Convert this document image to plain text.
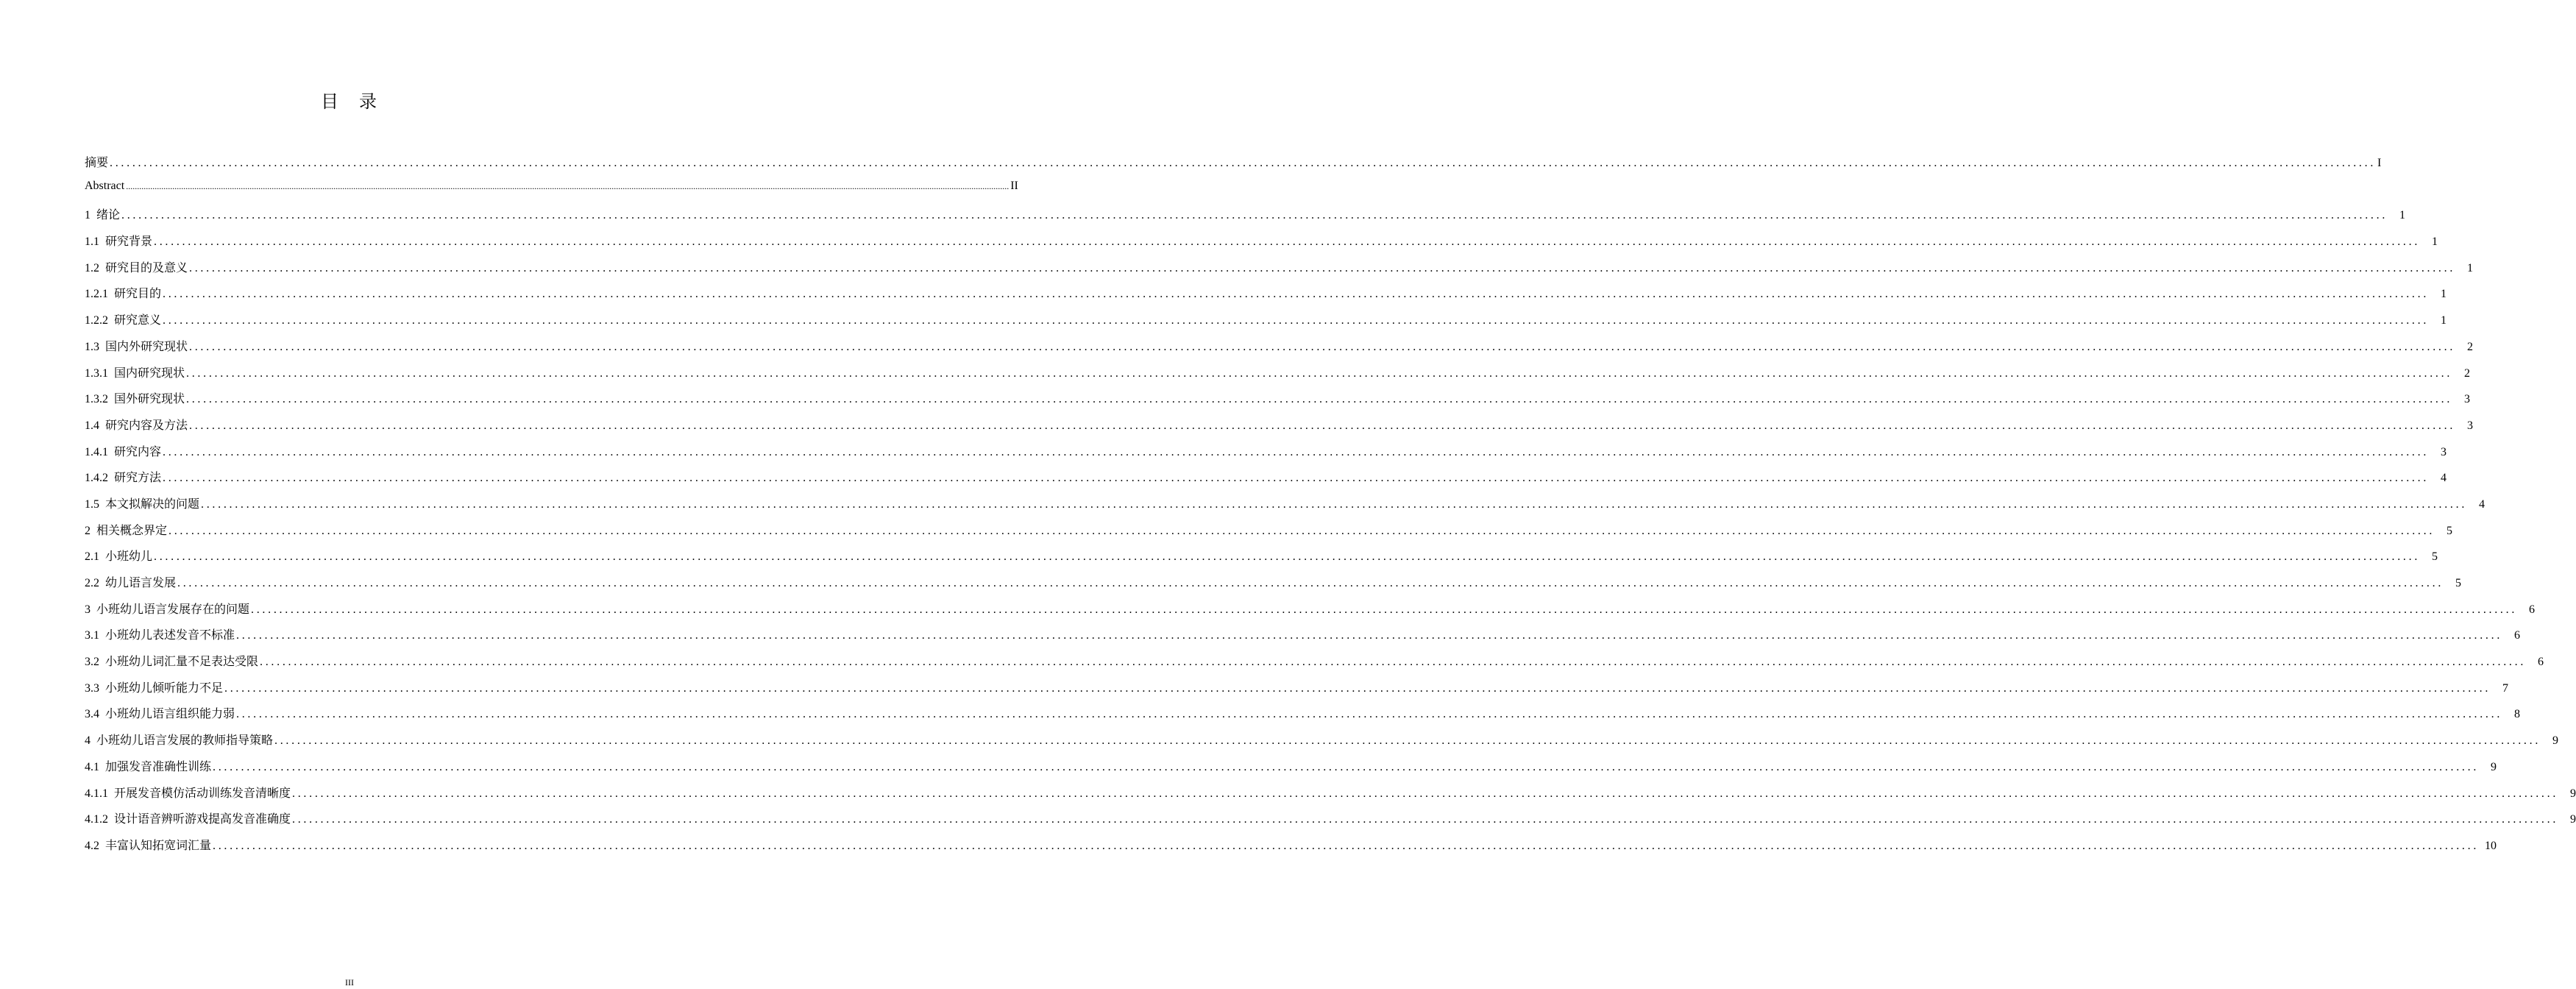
目 录
摘要 ................................................................................................................................................................................................................................................................................................................................................................................................................ I
Abstract ................................................................................................................................................................................................................................................................................................................................................................................................................ II
1 绪论 ................................................................................................................................................................................................................................................................................................................................................................................................................	1
1.1 研究背景 ................................................................................................................................................................................................................................................................................................................................................................................................................	1
1.2 研究目的及意义 ................................................................................................................................................................................................................................................................................................................................................................................................................	1
1.2.1 研究目的 ................................................................................................................................................................................................................................................................................................................................................................................................................	1
1.2.2 研究意义 ................................................................................................................................................................................................................................................................................................................................................................................................................	1
1.3 国内外研究现状 ................................................................................................................................................................................................................................................................................................................................................................................................................	2
1.3.1 国内研究现状 ................................................................................................................................................................................................................................................................................................................................................................................................................	2
1.3.2 国外研究现状 ................................................................................................................................................................................................................................................................................................................................................................................................................	3
1.4 研究内容及方法 ................................................................................................................................................................................................................................................................................................................................................................................................................	3
1.4.1 研究内容 ................................................................................................................................................................................................................................................................................................................................................................................................................	3
1.4.2 研究方法 ................................................................................................................................................................................................................................................................................................................................................................................................................	4
1.5 本文拟解决的问题 ................................................................................................................................................................................................................................................................................................................................................................................................................	4
2 相关概念界定 ................................................................................................................................................................................................................................................................................................................................................................................................................	5
2.1 小班幼儿 ................................................................................................................................................................................................................................................................................................................................................................................................................	5
2.2 幼儿语言发展 ................................................................................................................................................................................................................................................................................................................................................................................................................	5
3 小班幼儿语言发展存在的问题 ................................................................................................................................................................................................................................................................................................................................................................................................................	6
3.1 小班幼儿表述发音不标准 ................................................................................................................................................................................................................................................................................................................................................................................................................	6
3.2 小班幼儿词汇量不足表达受限 ................................................................................................................................................................................................................................................................................................................................................................................................................	6
3.3 小班幼儿倾听能力不足 ................................................................................................................................................................................................................................................................................................................................................................................................................	7
3.4 小班幼儿语言组织能力弱 ................................................................................................................................................................................................................................................................................................................................................................................................................	8
4 小班幼儿语言发展的教师指导策略 ................................................................................................................................................................................................................................................................................................................................................................................................................	9
4.1 加强发音准确性训练 ................................................................................................................................................................................................................................................................................................................................................................................................................	9
4.1.1 开展发音模仿活动训练发音清晰度 ................................................................................................................................................................................................................................................................................................................................................................................................................	9
4.1.2 设计语音辨听游戏提高发音准确度 ................................................................................................................................................................................................................................................................................................................................................................................................................	9
4.2 丰富认知拓宽词汇量 ................................................................................................................................................................................................................................................................................................................................................................................................................ 10
III
